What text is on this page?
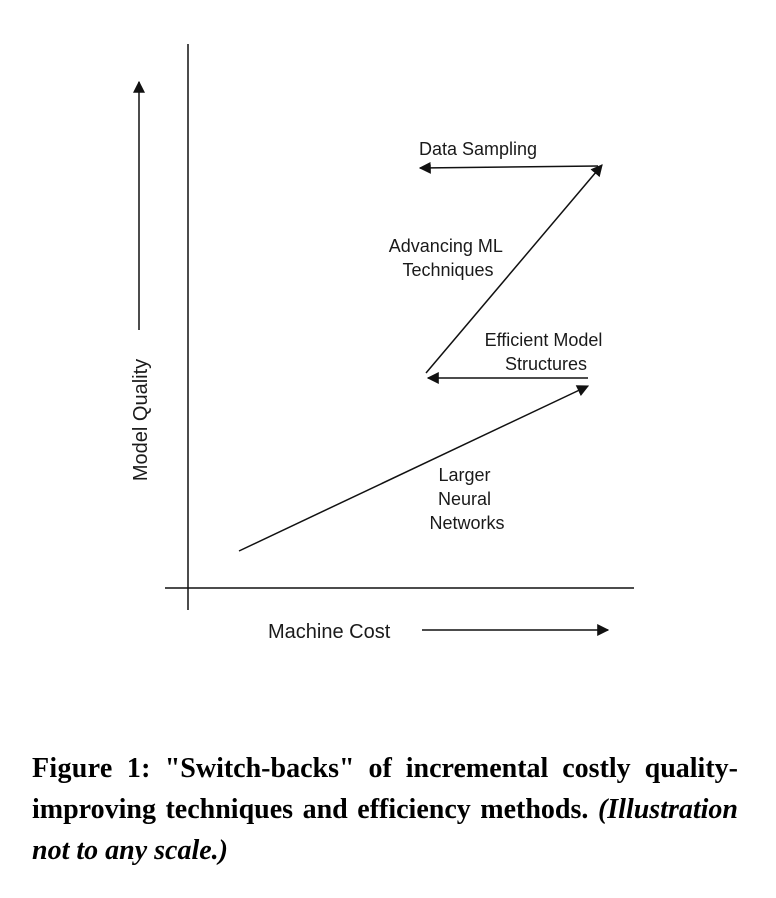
Model Quality
Machine Cost
Data Sampling
Advancing ML Techniques
Efficient Model Structures
Larger Neural Networks
Figure 1: "Switch-backs" of incremental costly quality-improving techniques and efficiency methods. (Illustration not to any scale.)
